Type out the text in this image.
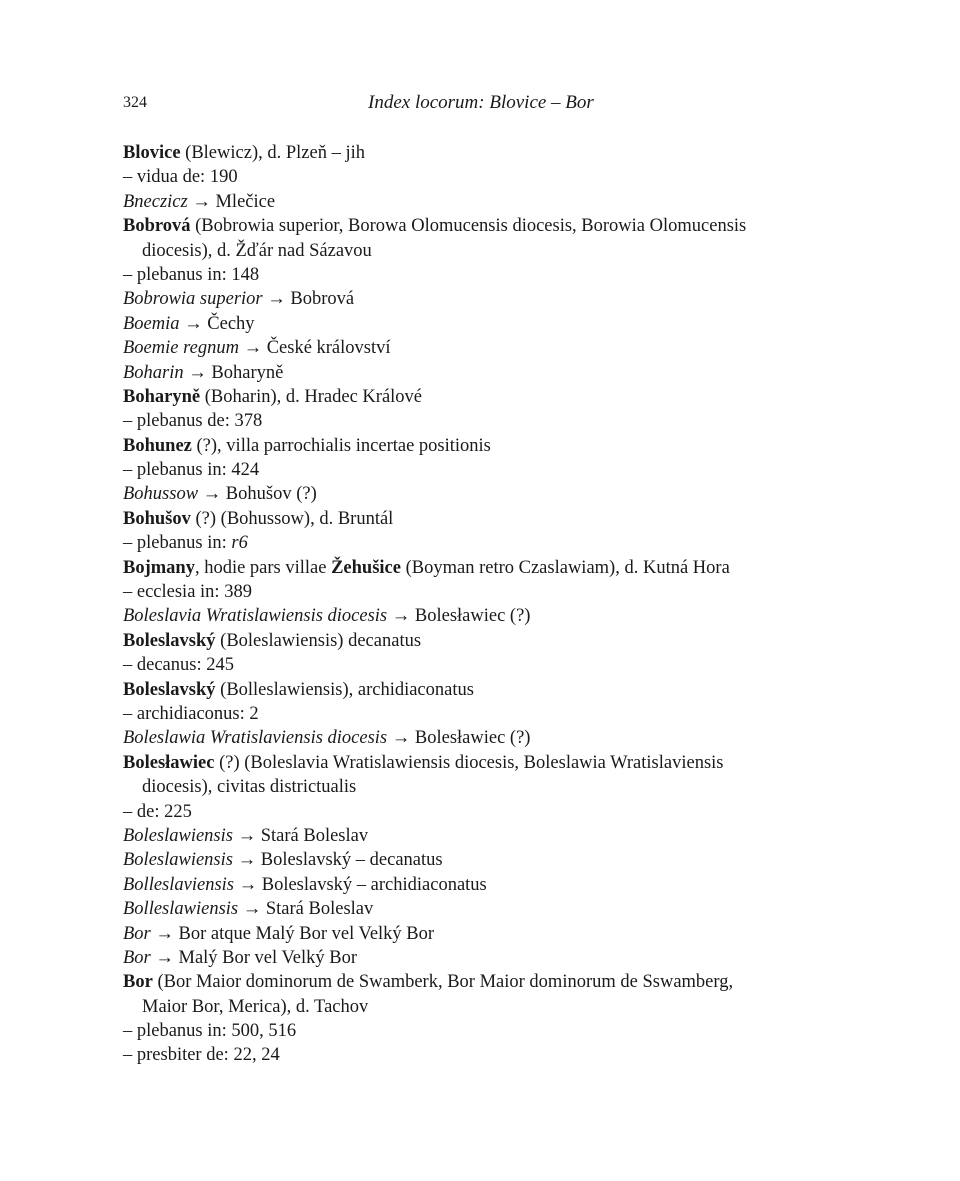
324	Index locorum: Blovice – Bor
Blovice (Blewicz), d. Plzeň – jih
– vidua de: 190
Bneczicz → Mlečice
Bobrová (Bobrowia superior, Borowa Olomucensis diocesis, Borowia Olomucensis
diocesis), d. Žďár nad Sázavou
– plebanus in: 148
Bobrowia superior → Bobrová
Boemia → Čechy
Boemie regnum → České království
Boharin → Boharyně
Boharyně (Boharin), d. Hradec Králové
– plebanus de: 378
Bohunez (?), villa parrochialis incertae positionis
– plebanus in: 424
Bohussow → Bohušov (?)
Bohušov (?) (Bohussow), d. Bruntál
– plebanus in: r6
Bojmany, hodie pars villae Žehušice (Boyman retro Czaslawiam), d. Kutná Hora
– ecclesia in: 389
Boleslavia Wratislawiensis diocesis → Bolesławiec (?)
Boleslavský (Boleslawiensis) decanatus
– decanus: 245
Boleslavský (Bolleslawiensis), archidiaconatus
– archidiaconus: 2
Boleslawia Wratislaviensis diocesis → Bolesławiec (?)
Bolesławiec (?) (Boleslavia Wratislawiensis diocesis, Boleslawia Wratislaviensis
diocesis), civitas districtualis
– de: 225
Boleslawiensis → Stará Boleslav
Boleslawiensis → Boleslavský – decanatus
Bolleslaviensis → Boleslavský – archidiaconatus
Bolleslawiensis → Stará Boleslav
Bor → Bor atque Malý Bor vel Velký Bor
Bor → Malý Bor vel Velký Bor
Bor (Bor Maior dominorum de Swamberk, Bor Maior dominorum de Sswamberg,
Maior Bor, Merica), d. Tachov
– plebanus in: 500, 516
– presbiter de: 22, 24
